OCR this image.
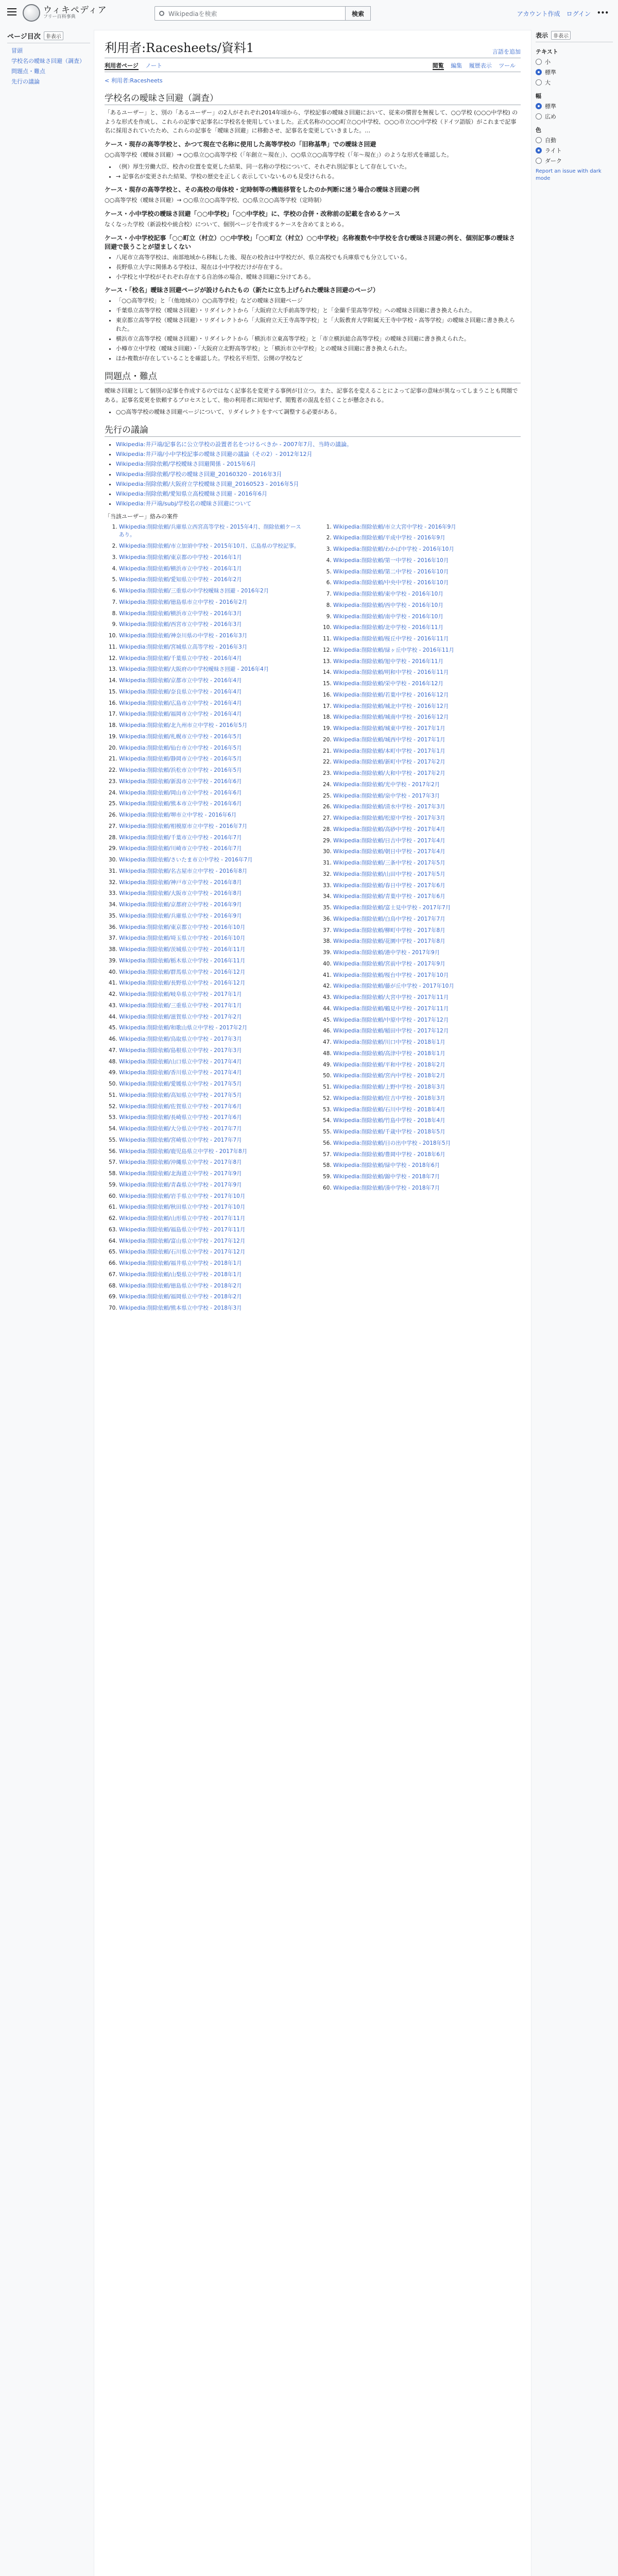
ウィキペディア
フリー百科事典	Wikipediaを検索	検索	アカウント作成 ログイン •••
ページ目次	非表示
冒頭
学校名の曖昧さ回避（調査）
問題点・難点
先行の議論
利用者:Racesheets/資料1	言語を追加
利用者ページ ノート	閲覧 編集 履歴表示 ツール
< 利用者:Racesheets
学校名の曖昧さ回避（調査）

「あるユーザー」と、別の「あるユーザー」の2人がそれぞれ2014年頃から、学校記事の曖昧さ回避において、従来の慣習を無視して、○○学校 (○○○中学校) のような形式を作成し、これらの記事で記事名に学校名を使用していました。正式名称の○○○町立○○中学校、○○○市立○○中学校（ドイツ語版）がこれまで記事名に採用されていたため、これらの記事を「曖昧さ回避」に移動させ、記事名を変更していきました。…

ケース・現存の高等学校と、かつて現在で名称に使用した高等学校の「旧称基準」での曖昧さ回避

○○高等学校（曖昧さ回避）→ ○○県立○○高等学校（「年創立〜現在」）、○○県立○○高等学校（「年〜現在」）のような形式を確認した。

• （例）厚生労働大臣、校舎の位置を変更した結果、同一名称の学校について、それぞれ別記事として存在していた。
• → 記事名が変更された結果、学校の歴史を正しく表示していないものも見受けられる。
ケース・現存の高等学校と、その高校の母体校・定時制等の機能移管をしたのか判断に迷う場合の曖昧さ回避の例

○○高等学校（曖昧さ回避）→ ○○県立○○高等学校、○○県立○○高等学校（定時制）

ケース・小中学校の曖昧さ回避「○○中学校」「○○中学校」に、学校の合併・改称前の記載を含めるケース

なくなった学校（新設校や統合校）について、個別ページを作成するケースを含めてまとめる。

ケース・小中学校記事「○○町立（村立）○○中学校」「○○町立（村立）○○中学校」名称複数や中学校を含む曖昧さ回避の例を、個別記事の曖昧さ回避で扱うことが望ましくない
• 八尾市立高等学校は、南部地域から移転した後、現在の校舎は中学校だが、県立高校でも兵庫県でも分立している。
• 長野県立大学に関係ある学校は、現在は小中学校だけが存在する。
• 小学校と中学校がそれぞれ存在する自治体の場合、曖昧さ回避に分けてある。
ケース・「校名」曖昧さ回避ページが設けられたもの（新たに立ち上げられた曖昧さ回避のページ）
• 「○○高等学校」と「（他地域の）○○高等学校」などの曖昧さ回避ページ
• 千葉県立高等学校（曖昧さ回避）・リダイレクトから「大阪府立大手前高等学校」と「金蘭千里高等学校」への曖昧さ回避に書き換えられた。
• 東京都立高等学校（曖昧さ回避）・リダイレクトから「大阪府立天王寺高等学校」と「大阪教育大学附属天王寺中学校・高等学校」の曖昧さ回避に書き換えられた。
• 横浜市立高等学校（曖昧さ回避）・リダイレクトから「横浜市立東高等学校」と「市立横浜総合高等学校」の曖昧さ回避に書き換えられた。
• 小樽市立中学校（曖昧さ回避）・「大阪府立北野高等学校」と「横浜市立中学校」との曖昧さ回避に書き換えられた。
• ほか複数が存在していることを確認した。学校名平坦型、公開の学校など
問題点・難点

曖昧さ回避として個別の記事を作成するのではなく記事名を変更する事例が目立つ。また、記事名を変えることによって記事の意味が異なってしまうことも問題である。記事名変更を依頼するプロセスとして、他の利用者に周知せず、閲覧者の混乱を招くことが懸念される。

• ○○高等学校の曖昧さ回避ページについて、リダイレクトをすべて調整する必要がある。
先行の議論
• Wikipedia:井戸端/記事名に公立学校の設置者名をつけるべきか - 2007年7月、当時の議論。
• Wikipedia:井戸端/小中学校記事の曖昧さ回避の議論（その2）- 2012年12月
• Wikipedia:削除依頼/学校曖昧さ回避関係 - 2015年6月
• Wikipedia:削除依頼/学校の曖昧さ回避_20160320 - 2016年3月
• Wikipedia:削除依頼/大阪府立学校曖昧さ回避_20160523 - 2016年5月
• Wikipedia:削除依頼/愛知県立高校曖昧さ回避 - 2016年6月
• Wikipedia:井戸端/subj/学校名の曖昧さ回避について
「当該ユーザー」絡みの案件
1. Wikipedia:削除依頼/兵庫県立西宮高等学校 - 2015年4月、削除依頼ケースあり。
2. Wikipedia:削除依頼/市立加須中学校 - 2015年10月、広島県の学校記事。
3. Wikipedia:削除依頼/東京都の中学校 - 2016年1月
4. Wikipedia:削除依頼/横浜市立中学校 - 2016年1月
5. Wikipedia:削除依頼/愛知県立中学校 - 2016年2月
6. Wikipedia:削除依頼/三重県の中学校曖昧さ回避 - 2016年2月
7. Wikipedia:削除依頼/徳島県市立中学校 - 2016年2月
8. Wikipedia:削除依頼/横浜市立中学校 - 2016年3月
9. Wikipedia:削除依頼/西宮市立中学校 - 2016年3月
10. Wikipedia:削除依頼/神奈川県の中学校 - 2016年3月
11. Wikipedia:削除依頼/宮城県立高等学校 - 2016年3月
12. Wikipedia:削除依頼/千葉県立中学校 - 2016年4月
13. Wikipedia:削除依頼/大阪府の中学校曖昧さ回避 - 2016年4月
14. Wikipedia:削除依頼/京都市立中学校 - 2016年4月
15. Wikipedia:削除依頼/奈良県立中学校 - 2016年4月
16. Wikipedia:削除依頼/広島市立中学校 - 2016年4月
17. Wikipedia:削除依頼/福岡市立中学校 - 2016年4月
18. Wikipedia:削除依頼/北九州市立中学校 - 2016年5月
19. Wikipedia:削除依頼/札幌市立中学校 - 2016年5月
20. Wikipedia:削除依頼/仙台市立中学校 - 2016年5月
21. Wikipedia:削除依頼/静岡市立中学校 - 2016年5月
22. Wikipedia:削除依頼/浜松市立中学校 - 2016年5月
23. Wikipedia:削除依頼/新潟市立中学校 - 2016年6月
24. Wikipedia:削除依頼/岡山市立中学校 - 2016年6月
25. Wikipedia:削除依頼/熊本市立中学校 - 2016年6月
26. Wikipedia:削除依頼/堺市立中学校 - 2016年6月
27. Wikipedia:削除依頼/相模原市立中学校 - 2016年7月
28. Wikipedia:削除依頼/千葉市立中学校 - 2016年7月
29. Wikipedia:削除依頼/川崎市立中学校 - 2016年7月
30. Wikipedia:削除依頼/さいたま市立中学校 - 2016年7月
31. Wikipedia:削除依頼/名古屋市立中学校 - 2016年8月
32. Wikipedia:削除依頼/神戸市立中学校 - 2016年8月
33. Wikipedia:削除依頼/大阪市立中学校 - 2016年8月
34. Wikipedia:削除依頼/京都府立中学校 - 2016年9月
35. Wikipedia:削除依頼/兵庫県立中学校 - 2016年9月
36. Wikipedia:削除依頼/東京都立中学校 - 2016年10月
37. Wikipedia:削除依頼/埼玉県立中学校 - 2016年10月
38. Wikipedia:削除依頼/茨城県立中学校 - 2016年11月
39. Wikipedia:削除依頼/栃木県立中学校 - 2016年11月
40. Wikipedia:削除依頼/群馬県立中学校 - 2016年12月
41. Wikipedia:削除依頼/長野県立中学校 - 2016年12月
42. Wikipedia:削除依頼/岐阜県立中学校 - 2017年1月
43. Wikipedia:削除依頼/三重県立中学校 - 2017年1月
44. Wikipedia:削除依頼/滋賀県立中学校 - 2017年2月
45. Wikipedia:削除依頼/和歌山県立中学校 - 2017年2月
46. Wikipedia:削除依頼/鳥取県立中学校 - 2017年3月
47. Wikipedia:削除依頼/島根県立中学校 - 2017年3月
48. Wikipedia:削除依頼/山口県立中学校 - 2017年4月
49. Wikipedia:削除依頼/香川県立中学校 - 2017年4月
50. Wikipedia:削除依頼/愛媛県立中学校 - 2017年5月
51. Wikipedia:削除依頼/高知県立中学校 - 2017年5月
52. Wikipedia:削除依頼/佐賀県立中学校 - 2017年6月
53. Wikipedia:削除依頼/長崎県立中学校 - 2017年6月
54. Wikipedia:削除依頼/大分県立中学校 - 2017年7月
55. Wikipedia:削除依頼/宮崎県立中学校 - 2017年7月
56. Wikipedia:削除依頼/鹿児島県立中学校 - 2017年8月
57. Wikipedia:削除依頼/沖縄県立中学校 - 2017年8月
58. Wikipedia:削除依頼/北海道立中学校 - 2017年9月
59. Wikipedia:削除依頼/青森県立中学校 - 2017年9月
60. Wikipedia:削除依頼/岩手県立中学校 - 2017年10月
61. Wikipedia:削除依頼/秋田県立中学校 - 2017年10月
62. Wikipedia:削除依頼/山形県立中学校 - 2017年11月
63. Wikipedia:削除依頼/福島県立中学校 - 2017年11月
64. Wikipedia:削除依頼/富山県立中学校 - 2017年12月
65. Wikipedia:削除依頼/石川県立中学校 - 2017年12月
66. Wikipedia:削除依頼/福井県立中学校 - 2018年1月
67. Wikipedia:削除依頼/山梨県立中学校 - 2018年1月
68. Wikipedia:削除依頼/徳島県立中学校 - 2018年2月
69. Wikipedia:削除依頼/福岡県立中学校 - 2018年2月
70. Wikipedia:削除依頼/熊本県立中学校 - 2018年3月
1. Wikipedia:削除依頼/市立大宮中学校 - 2016年9月
2. Wikipedia:削除依頼/平成中学校 - 2016年9月
3. Wikipedia:削除依頼/わかば中学校 - 2016年10月
4. Wikipedia:削除依頼/第一中学校 - 2016年10月
5. Wikipedia:削除依頼/第二中学校 - 2016年10月
6. Wikipedia:削除依頼/中央中学校 - 2016年10月
7. Wikipedia:削除依頼/東中学校 - 2016年10月
8. Wikipedia:削除依頼/西中学校 - 2016年10月
9. Wikipedia:削除依頼/南中学校 - 2016年10月
10. Wikipedia:削除依頼/北中学校 - 2016年11月
11. Wikipedia:削除依頼/桜丘中学校 - 2016年11月
12. Wikipedia:削除依頼/緑ヶ丘中学校 - 2016年11月
13. Wikipedia:削除依頼/旭中学校 - 2016年11月
14. Wikipedia:削除依頼/明和中学校 - 2016年11月
15. Wikipedia:削除依頼/栄中学校 - 2016年12月
16. Wikipedia:削除依頼/若葉中学校 - 2016年12月
17. Wikipedia:削除依頼/城北中学校 - 2016年12月
18. Wikipedia:削除依頼/城南中学校 - 2016年12月
19. Wikipedia:削除依頼/城東中学校 - 2017年1月
20. Wikipedia:削除依頼/城西中学校 - 2017年1月
21. Wikipedia:削除依頼/本町中学校 - 2017年1月
22. Wikipedia:削除依頼/新町中学校 - 2017年2月
23. Wikipedia:削除依頼/大和中学校 - 2017年2月
24. Wikipedia:削除依頼/光中学校 - 2017年2月
25. Wikipedia:削除依頼/泉中学校 - 2017年3月
26. Wikipedia:削除依頼/清水中学校 - 2017年3月
27. Wikipedia:削除依頼/松原中学校 - 2017年3月
28. Wikipedia:削除依頼/高砂中学校 - 2017年4月
29. Wikipedia:削除依頼/日吉中学校 - 2017年4月
30. Wikipedia:削除依頼/朝日中学校 - 2017年4月
31. Wikipedia:削除依頼/三条中学校 - 2017年5月
32. Wikipedia:削除依頼/山田中学校 - 2017年5月
33. Wikipedia:削除依頼/春日中学校 - 2017年6月
34. Wikipedia:削除依頼/青葉中学校 - 2017年6月
35. Wikipedia:削除依頼/富士見中学校 - 2017年7月
36. Wikipedia:削除依頼/白鳥中学校 - 2017年7月
37. Wikipedia:削除依頼/柳町中学校 - 2017年8月
38. Wikipedia:削除依頼/花園中学校 - 2017年8月
39. Wikipedia:削除依頼/港中学校 - 2017年9月
40. Wikipedia:削除依頼/宮前中学校 - 2017年9月
41. Wikipedia:削除依頼/桜台中学校 - 2017年10月
42. Wikipedia:削除依頼/藤が丘中学校 - 2017年10月
43. Wikipedia:削除依頼/大宮中学校 - 2017年11月
44. Wikipedia:削除依頼/鶴見中学校 - 2017年11月
45. Wikipedia:削除依頼/中原中学校 - 2017年12月
46. Wikipedia:削除依頼/稲田中学校 - 2017年12月
47. Wikipedia:削除依頼/川口中学校 - 2018年1月
48. Wikipedia:削除依頼/高津中学校 - 2018年1月
49. Wikipedia:削除依頼/平和中学校 - 2018年2月
50. Wikipedia:削除依頼/宮内中学校 - 2018年2月
51. Wikipedia:削除依頼/上野中学校 - 2018年3月
52. Wikipedia:削除依頼/住吉中学校 - 2018年3月
53. Wikipedia:削除依頼/石川中学校 - 2018年4月
54. Wikipedia:削除依頼/竹島中学校 - 2018年4月
55. Wikipedia:削除依頼/千歳中学校 - 2018年5月
56. Wikipedia:削除依頼/日の出中学校 - 2018年5月
57. Wikipedia:削除依頼/豊岡中学校 - 2018年6月
58. Wikipedia:削除依頼/緑中学校 - 2018年6月
59. Wikipedia:削除依頼/錦中学校 - 2018年7月
60. Wikipedia:削除依頼/湊中学校 - 2018年7月
表示	非表示
テキスト
小
標準
大
幅
標準
広め
色
自動
ライト
ダーク
Report an issue with dark mode
